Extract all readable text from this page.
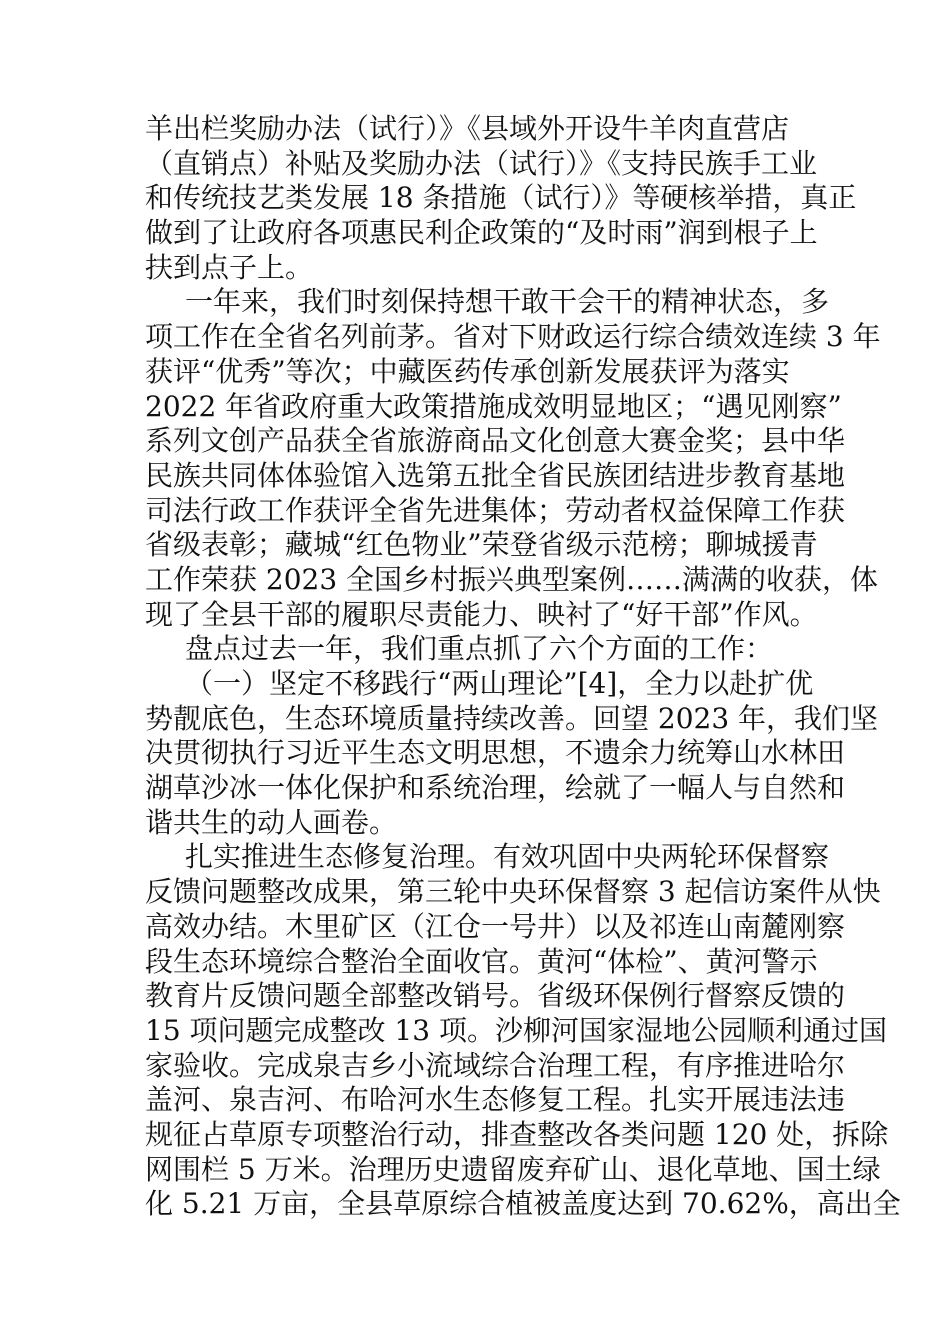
羊出栏奖励办法（试行）》《县域外开设牛羊肉直营店
（直销点）补贴及奖励办法（试行）》《支持民族手工业
和传统技艺类发展 18 条措施（试行）》等硬核举措，真正
做到了让政府各项惠民利企政策的“及时雨”润到根子上
扶到点子上。
一年来，我们时刻保持想干敢干会干的精神状态，多
项工作在全省名列前茅。省对下财政运行综合绩效连续 3 年
获评“优秀”等次；中藏医药传承创新发展获评为落实
2022 年省政府重大政策措施成效明显地区；“遇见刚察”
系列文创产品获全省旅游商品文化创意大赛金奖；县中华
民族共同体体验馆入选第五批全省民族团结进步教育基地
司法行政工作获评全省先进集体；劳动者权益保障工作获
省级表彰；藏城“红色物业”荣登省级示范榜；聊城援青
工作荣获 2023 全国乡村振兴典型案例……满满的收获，体
现了全县干部的履职尽责能力、映衬了“好干部”作风。
盘点过去一年，我们重点抓了六个方面的工作：
（一）坚定不移践行“两山理论”[4]，全力以赴扩优
势靓底色，生态环境质量持续改善。回望 2023 年，我们坚
决贯彻执行习近平生态文明思想，不遗余力统筹山水林田
湖草沙冰一体化保护和系统治理，绘就了一幅人与自然和
谐共生的动人画卷。
扎实推进生态修复治理。有效巩固中央两轮环保督察
反馈问题整改成果，第三轮中央环保督察 3 起信访案件从快
高效办结。木里矿区（江仓一号井）以及祁连山南麓刚察
段生态环境综合整治全面收官。黄河“体检”、黄河警示
教育片反馈问题全部整改销号。省级环保例行督察反馈的
15 项问题完成整改 13 项。沙柳河国家湿地公园顺利通过国
家验收。完成泉吉乡小流域综合治理工程，有序推进哈尔
盖河、泉吉河、布哈河水生态修复工程。扎实开展违法违
规征占草原专项整治行动，排查整改各类问题 120 处，拆除
网围栏 5 万米。治理历史遗留废弃矿山、退化草地、国土绿
化 5.21 万亩，全县草原综合植被盖度达到 70.62%，高出全
